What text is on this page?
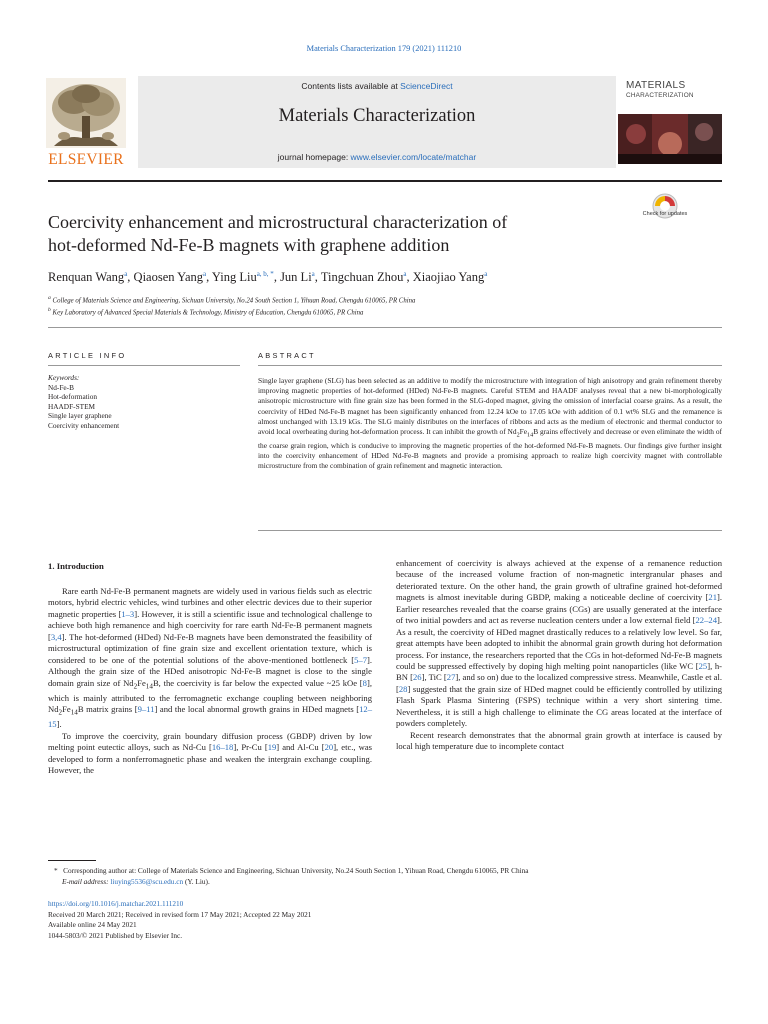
Materials Characterization 179 (2021) 111210
ELSEVIER
Contents lists available at ScienceDirect
Materials Characterization
journal homepage: www.elsevier.com/locate/matchar
MATERIALS
CHARACTERIZATION
Coercivity enhancement and microstructural characterization of
hot-deformed Nd-Fe-B magnets with graphene addition
Check for updates
Renquan Wang$^a$, Qiaosen Yang$^a$, Ying Liu$^{a, b, *}$, Jun Li$^a$, Tingchuan Zhou$^a$, Xiaojiao Yang$^a$
$^a$ College of Materials Science and Engineering, Sichuan University, No.24 South Section 1, Yihuan Road, Chengdu 610065, PR China
$^b$ Key Laboratory of Advanced Special Materials & Technology, Ministry of Education, Chengdu 610065, PR China
ARTICLE INFO	ABSTRACT
Keywords:
Nd-Fe-B
Hot-deformation
HAADF-STEM
Single layer graphene
Coercivity enhancement
Single layer graphene (SLG) has been selected as an additive to modify the microstructure with integration of high anisotropy and grain refinement thereby improving magnetic properties of hot-deformed (HDed) Nd-Fe-B magnets. Careful STEM and HAADF analyses reveal that a new bi-morphologically anisotropic microstructure with fine grain size has been formed in the SLG-doped magnet, giving the omission of interfacial coarse grains. As a result, the coercivity of HDed Nd-Fe-B magnet has been significantly enhanced from 12.24 kOe to 17.05 kOe with addition of 0.1 wt% SLG and the remanence is almost unchanged with 13.19 kGs. The SLG mainly distributes on the interfaces of ribbons and acts as the medium of electronic and thermal conductor to avoid local overheating during hot-deformation process. It can inhibit the growth of $Nd_2Fe_{14}B$ grains effectively and decrease or even eliminate the width of the coarse grain region, which is conducive to improving the magnetic properties of the hot-deformed Nd-Fe-B magnets. Our findings give further insight into the coercivity enhancement of HDed Nd-Fe-B magnets and provide a promising approach to realize high coercivity magnet with controllable microstructure from the combination of grain refinement and magnetic interaction.
1. Introduction

Rare earth Nd-Fe-B permanent magnets are widely used in various fields such as electric motors, hybrid electric vehicles, wind turbines and other electric devices due to their superior magnetic properties [1–3]. However, it is still a scientific issue and technological challenge to achieve both high remanence and high coercivity for rare earth Nd-Fe-B permanent magnets [3,4]. The hot-deformed (HDed) Nd-Fe-B magnets have been demonstrated the feasibility of microstructural optimization of fine grain size and excellent orientation texture, which is considered to be one of the potential solutions of the above-mentioned bottleneck [5–7]. Although the grain size of the HDed anisotropic Nd-Fe-B magnet is close to the single domain grain size of $Nd_2Fe_{14}B$, the coercivity is far below the expected value ~25 kOe [8], which is mainly attributed to the ferromagnetic exchange coupling between neighboring $Nd_2Fe_{14}B$ matrix grains [9–11] and the local abnormal growth grains in HDed magnets [12–15].

To improve the coercivity, grain boundary diffusion process (GBDP) driven by low melting point eutectic alloys, such as Nd-Cu [16–18], Pr-Cu [19] and Al-Cu [20], etc., was developed to form a nonferromagnetic phase and weaken the intergrain exchange coupling. However, the

enhancement of coercivity is always achieved at the expense of a remanence reduction because of the increased volume fraction of non-magnetic intergranular phases and deteriorated texture. On the other hand, the grain growth of ultrafine grained hot-deformed magnets is almost inevitable during GBDP, making a noticeable decline of coercivity [21]. Earlier researches revealed that the coarse grains (CGs) are usually generated at the interface of two initial powders and act as reverse nucleation centers under a low external field [22–24]. As a result, the coercivity of HDed magnet drastically reduces to a relatively low level. So far, great attempts have been adopted to inhibit the abnormal grain growth during hot deformation process. For instance, the researchers reported that the CGs in hot-deformed Nd-Fe-B magnets could be suppressed effectively by doping high melting point nanoparticles (like WC [25], h-BN [26], TiC [27], and so on) due to the localized compressive stress. Meanwhile, Castle et al. [28] suggested that the grain size of HDed magnet could be efficiently controlled by utilizing Flash Spark Plasma Sintering (FSPS) technique within a very short sintering time. Nevertheless, it is still a high challenge to eliminate the CG areas located at the interface of powders completely.

Recent research demonstrates that the abnormal grain growth at interface is caused by local high temperature due to incomplete contact

* Corresponding author at: College of Materials Science and Engineering, Sichuan University, No.24 South Section 1, Yihuan Road, Chengdu 610065, PR China
E-mail address: liuying5536@scu.edu.cn (Y. Liu).
https://doi.org/10.1016/j.matchar.2021.111210
Received 20 March 2021; Received in revised form 17 May 2021; Accepted 22 May 2021
Available online 24 May 2021
1044-5803/© 2021 Published by Elsevier Inc.
